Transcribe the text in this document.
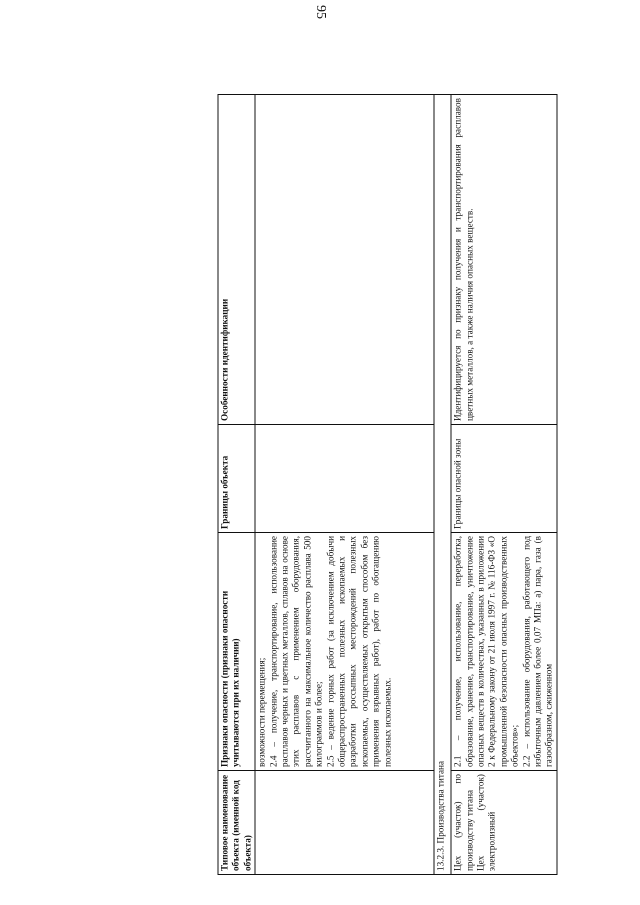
95
Типовое наименование объекта (именной код объекта)	Признаки опасности (признаки опасности учитываются при их наличии)	Границы объекта	Особенности идентификации

	возможности перемещения; 2.4 – получение, транспортирование, использование расплавов черных и цветных металлов, сплавов на основе этих расплавов с применением оборудования, рассчитанного на максимальное количество расплава 500 килограммов и более; 2.5 – ведение горных работ (за исключением добычи общераспространенных полезных ископаемых и разработки россыпных месторождений полезных ископаемых, осуществляемых открытым способом без применения взрывных работ), работ по обогащению полезных ископаемых.		

13.2.3. Производства титана			

Цех (участок) по производству титана Цех (участок) электролизный	2.1 – получение, использование, переработка, образование, хранение, транспортирование, уничтожение опасных веществ в количествах, указанных в приложении 2 к Федеральному закону от 21 июля 1997 г. № 116-ФЗ «О промышленной безопасности опасных производственных объектов»; 2.2 – использование оборудования, работающего под избыточным давлением более 0,07 МПа: а) пара, газа (в газообразном, сжиженном	Границы опасной зоны	Идентифицируется по признаку получения и транспортирования расплавов цветных металлов, а также наличия опасных веществ.
